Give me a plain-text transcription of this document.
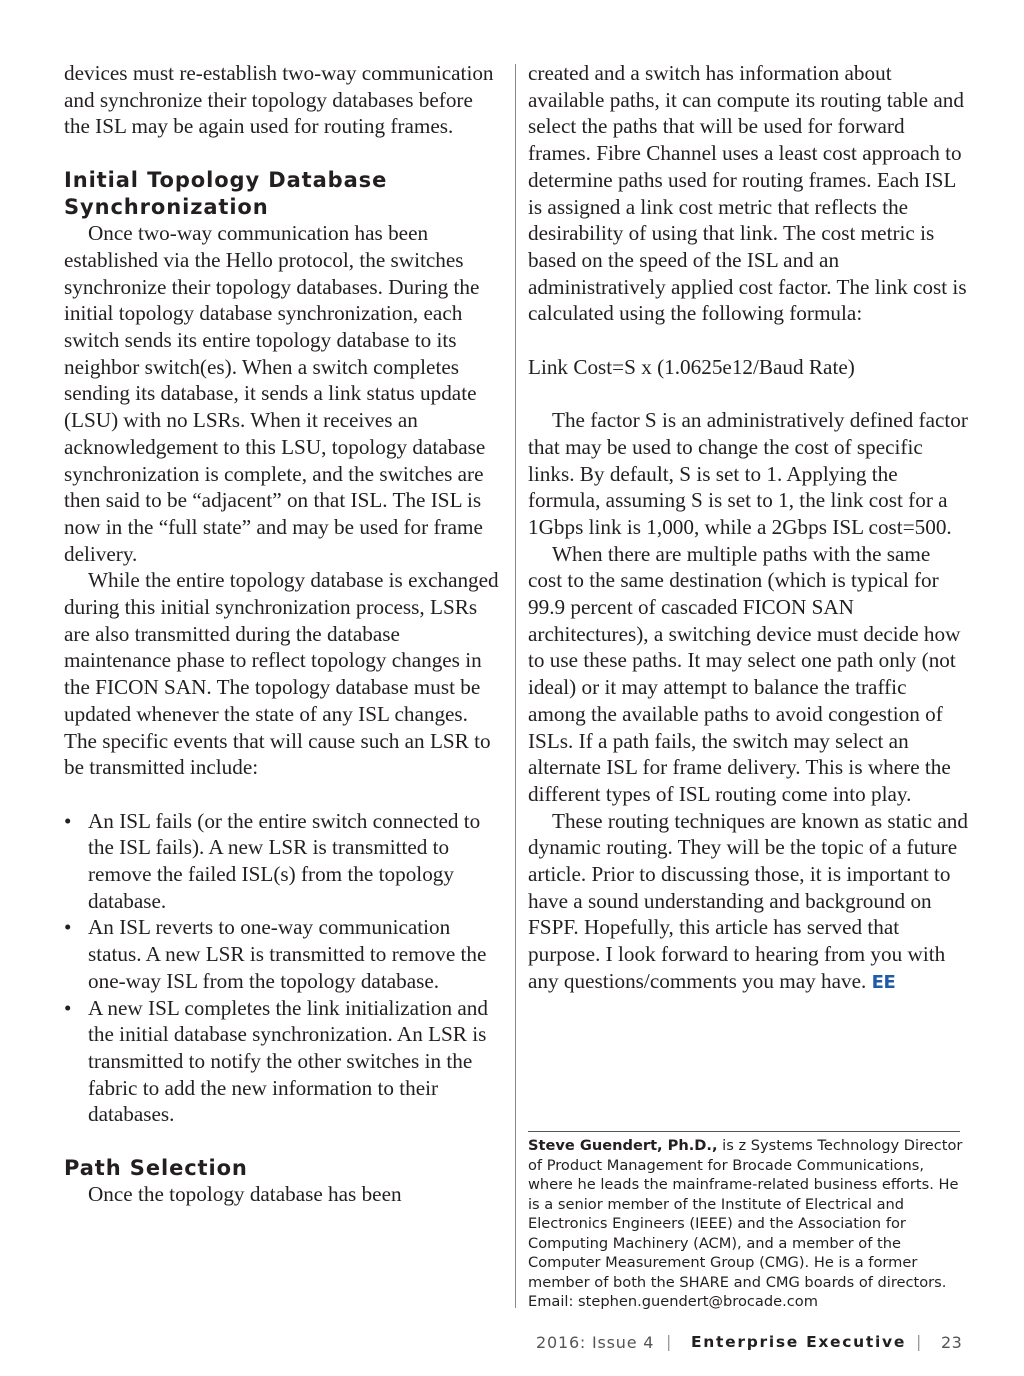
devices must re-establish two-way communication and synchronize their topology databases before the ISL may be again used for routing frames.

Initial Topology Database Synchronization

Once two-way communication has been established via the Hello protocol, the switches synchronize their topology databases. During the initial topology database synchronization, each switch sends its entire topology database to its neighbor switch(es). When a switch completes sending its database, it sends a link status update (LSU) with no LSRs. When it receives an acknowledgement to this LSU, topology database synchronization is complete, and the switches are then said to be “adjacent” on that ISL. The ISL is now in the “full state” and may be used for frame delivery.

While the entire topology database is exchanged during this initial synchronization process, LSRs are also transmitted during the database maintenance phase to reflect topology changes in the FICON SAN. The topology database must be updated whenever the state of any ISL changes. The specific events that will cause such an LSR to be transmitted include:

• An ISL fails (or the entire switch connected to the ISL fails). A new LSR is transmitted to remove the failed ISL(s) from the topology database.
• An ISL reverts to one-way communication status. A new LSR is transmitted to remove the one-way ISL from the topology database.
• A new ISL completes the link initialization and the initial database synchronization. An LSR is transmitted to notify the other switches in the fabric to add the new information to their databases.
Path Selection

Once the topology database has been

created and a switch has information about available paths, it can compute its routing table and select the paths that will be used for forward frames. Fibre Channel uses a least cost approach to determine paths used for routing frames. Each ISL is assigned a link cost metric that reflects the desirability of using that link. The cost metric is based on the speed of the ISL and an administratively applied cost factor. The link cost is calculated using the following formula:

Link Cost=S x (1.0625e12/Baud Rate)

The factor S is an administratively defined factor that may be used to change the cost of specific links. By default, S is set to 1. Applying the formula, assuming S is set to 1, the link cost for a 1Gbps link is 1,000, while a 2Gbps ISL cost=500.

When there are multiple paths with the same cost to the same destination (which is typical for 99.9 percent of cascaded FICON SAN architectures), a switching device must decide how to use these paths. It may select one path only (not ideal) or it may attempt to balance the traffic among the available paths to avoid congestion of ISLs. If a path fails, the switch may select an alternate ISL for frame delivery. This is where the different types of ISL routing come into play.

These routing techniques are known as static and dynamic routing. They will be the topic of a future article. Prior to discussing those, it is important to have a sound understanding and background on FSPF. Hopefully, this article has served that purpose. I look forward to hearing from you with any questions/comments you may have. EE

Steve Guendert, Ph.D., is z Systems Technology Director of Product Management for Brocade Communications, where he leads the mainframe-related business efforts. He is a senior member of the Institute of Electrical and Electronics Engineers (IEEE) and the Association for Computing Machinery (ACM), and a member of the Computer Measurement Group (CMG). He is a former member of both the SHARE and CMG boards of directors. Email: stephen.guendert@brocade.com
2016: Issue 4 | Enterprise Executive | 23
